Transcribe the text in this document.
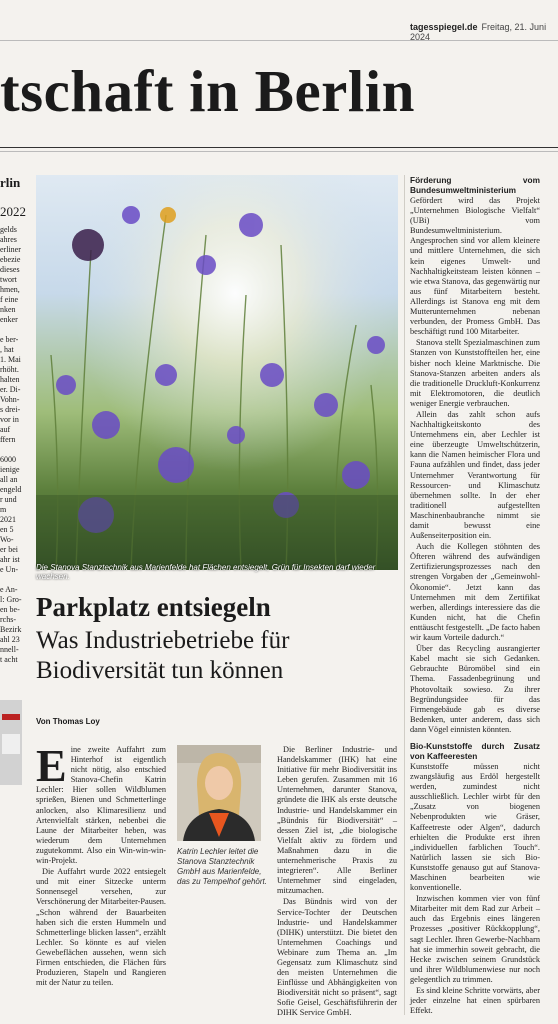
tagesspiegel.de Freitag, 21. Juni 2024
tschaft in Berlin
rlin
2022
gelds
ahres
erliner
ebezie
dieses
twort
hmen,
f eine
nken
enker

e ber-
, hat
1. Mai
rhöht.
halten
er. Di-
Vohn-
s drei-
vor in
auf
ffern

6000
ienige
all an
engeld
r und
m 2021
en 5
Wo-
er bei
ahr ist
e Un-

e An-
l: Gro-
en be-
rchs-
Bezirk
ahl 23
nnell-
t acht
Die Stanova Stanztechnik aus Marienfelde hat Flächen entsiegelt, Grün für Insekten darf wieder wachsen.
Parkplatz entsiegeln
Was Industriebetriebe für Biodiversität tun können
Von Thomas Loy

Eine zweite Auffahrt zum Hinterhof ist eigentlich nicht nötig, also entschied Stanova-Chefin Katrin Lechler: Hier sollen Wildblumen sprießen, Bienen und Schmetterlinge anlocken, also Klimaresilienz und Artenvielfalt stärken, nebenbei die Laune der Mitarbeiter heben, was wiederum dem Unternehmen zugutekommt. Also ein Win-win-win-win-Projekt.

Die Auffahrt wurde 2022 entsiegelt und mit einer Sitzecke unterm Sonnensegel versehen, zur Verschönerung der Mitarbeiter-Pausen. „Schon während der Bauarbeiten haben sich die ersten Hummeln und Schmetterlinge blicken lassen“, erzählt Lechler. So könnte es auf vielen Gewebeflächen aussehen, wenn sich Firmen entschieden, die Flächen fürs Produzieren, Stapeln und Rangieren mit der Natur zu teilen.

Katrin Lechler leitet die Stanova Stanztechnik GmbH aus Marienfelde, das zu Tempelhof gehört.

Die Berliner Industrie- und Handelskammer (IHK) hat eine Initiative für mehr Biodiversität ins Leben gerufen. Zusammen mit 16 Unternehmen, darunter Stanova, gründete die IHK als erste deutsche Industrie- und Handelskammer ein „Bündnis für Biodiversität“ – dessen Ziel ist, „die biologische Vielfalt aktiv zu fördern und Maßnahmen dazu in die unternehmerische Praxis zu integrieren“. Alle Berliner Unternehmer sind eingeladen, mitzumachen.

Das Bündnis wird von der Service-Tochter der Deutschen Industrie- und Handelskammer (DIHK) unterstützt. Die bietet den Unternehmen Coachings und Webinare zum Thema an. „Im Gegensatz zum Klimaschutz sind den meisten Unternehmen die Einflüsse und Abhängigkeiten von Biodiversität nicht so präsent“, sagt Sofie Geisel, Geschäftsführerin der DIHK Service GmbH.

Förderung vom Bundesumweltministerium

Gefördert wird das Projekt „Unternehmen Biologische Vielfalt“ (UBi) vom Bundesumweltministerium. Angesprochen sind vor allem kleinere und mittlere Unternehmen, die sich kein eigenes Umwelt- und Nachhaltigkeitsteam leisten können – wie etwa Stanova, das gegenwärtig nur aus fünf Mitarbeitern besteht. Allerdings ist Stanova eng mit dem Mutterunternehmen nebenan verbunden, der Promess GmbH. Das beschäftigt rund 100 Mitarbeiter.

Stanova stellt Spezialmaschinen zum Stanzen von Kunststoffteilen her, eine bisher noch kleine Marktnische. Die Stanova-Stanzen arbeiten anders als die traditionelle Druckluft-Konkurrenz mit Elektromotoren, die deutlich weniger Energie verbrauchen.

Allein das zahlt schon aufs Nachhaltigkeitskonto des Unternehmens ein, aber Lechler ist eine überzeugte Umweltschützerin, kann die Namen heimischer Flora und Fauna aufzählen und findet, dass jeder Unternehmer Verantwortung für Ressourcen- und Klimaschutz übernehmen sollte. In der eher traditionell aufgestellten Maschinenbaubranche nimmt sie damit bewusst eine Außenseiterposition ein.

Auch die Kollegen stöhnten des Öfteren während des aufwändigen Zertifizierungsprozesses nach den strengen Vorgaben der „Gemeinwohl-Ökonomie“. Jetzt kann das Unternehmen mit dem Zertifikat werben, allerdings interessiere das die Kunden nicht, hat die Chefin enttäuscht festgestellt. „De facto haben wir kaum Vorteile dadurch.“

Über das Recycling ausrangierter Kabel macht sie sich Gedanken. Gebrauchte Büromöbel sind ein Thema. Fassadenbegrünung und Photovoltaik sowieso. Zu ihrer Begründungsidee für das Firmengebäude gab es diverse Bedenken, unter anderem, dass sich dann Vögel einnisten könnten.

Bio-Kunststoffe durch Zusatz von Kaffeeresten

Kunststoffe müssen nicht zwangsläufig aus Erdöl hergestellt werden, zumindest nicht ausschließlich. Lechler wirbt für den „Zusatz von biogenen Nebenprodukten wie Gräser, Kaffeetreste oder Algen“, dadurch erhielten die Produkte erst ihren „individuellen farblichen Touch“. Natürlich lassen sie sich Bio-Kunststoffe genauso gut auf Stanova-Maschinen bearbeiten wie konventionelle.

Inzwischen kommen vier von fünf Mitarbeiter mit dem Rad zur Arbeit – auch das Ergebnis eines längeren Prozesses „positiver Rückkopplung“, sagt Lechler. Ihren Gewerbe-Nachbarn hat sie immerhin soweit gebracht, die Hecke zwischen seinem Grundstück und ihrer Wildblumenwiese nur noch gelegentlich zu trimmen.

Es sind kleine Schritte vorwärts, aber jeder einzelne hat einen spürbaren Effekt.
